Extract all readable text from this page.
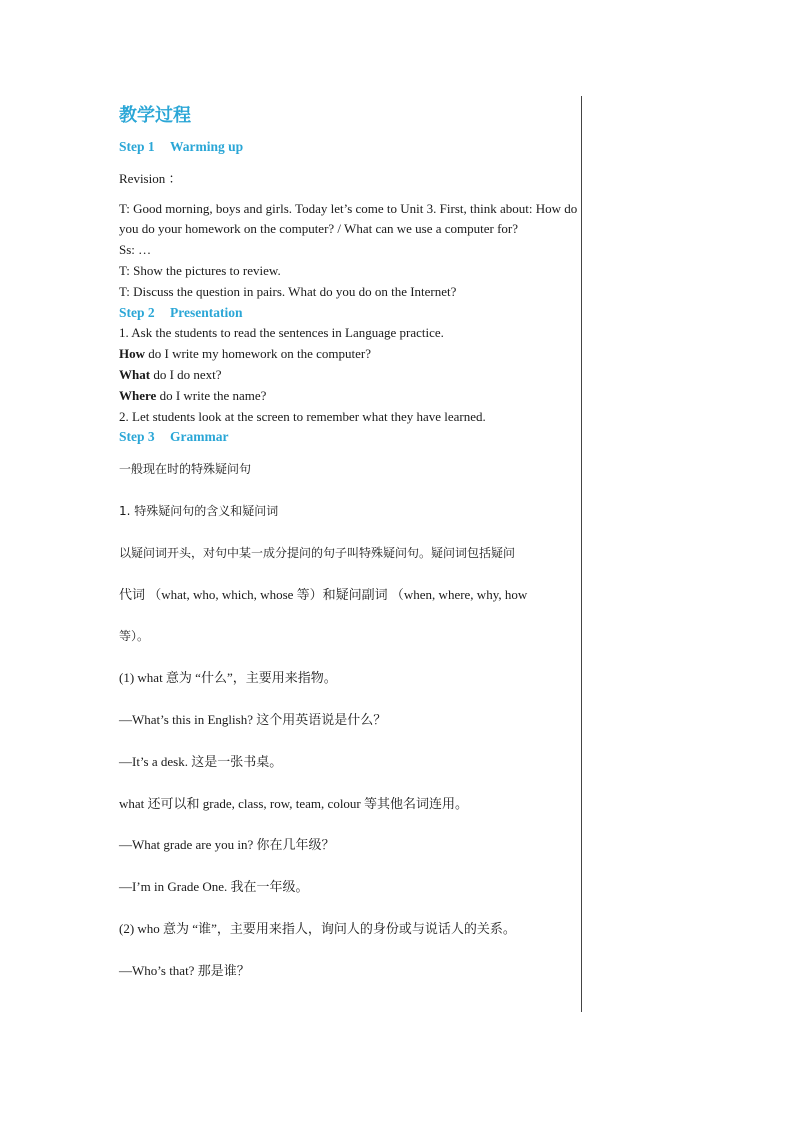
教学过程
Step 1 Warming up

Revision ：

T: Good morning, boys and girls. Today let’s come to Unit 3. First, think about: How do you do your homework on the computer? / What can we use a computer for?

Ss: …

T: Show the pictures to review.

T: Discuss the question in pairs. What do you do on the Internet?

Step 2 Presentation

1. Ask the students to read the sentences in Language practice.

How do I write my homework on the computer?

What do I do next?

Where do I write the name?

2. Let students look at the screen to remember what they have learned.

Step 3 Grammar

一般现在时的特殊疑问句

1. 特殊疑问句的含义和疑问词

以疑问词开头，对句中某一成分提问的句子叫特殊疑问句。疑问词包括疑问

代词 （what, who, which, whose 等）和疑问副词 （when, where, why, how

等）。

(1) what 意为 “什么”，主要用来指物。

—What’s this in English? 这个用英语说是什么？

—It’s a desk. 这是一张书桌。

what 还可以和 grade, class, row, team, colour 等其他名词连用。

—What grade are you in? 你在几年级？

—I’m in Grade One. 我在一年级。

(2) who 意为 “谁”，主要用来指人，询问人的身份或与说话人的关系。

—Who’s that? 那是谁？
